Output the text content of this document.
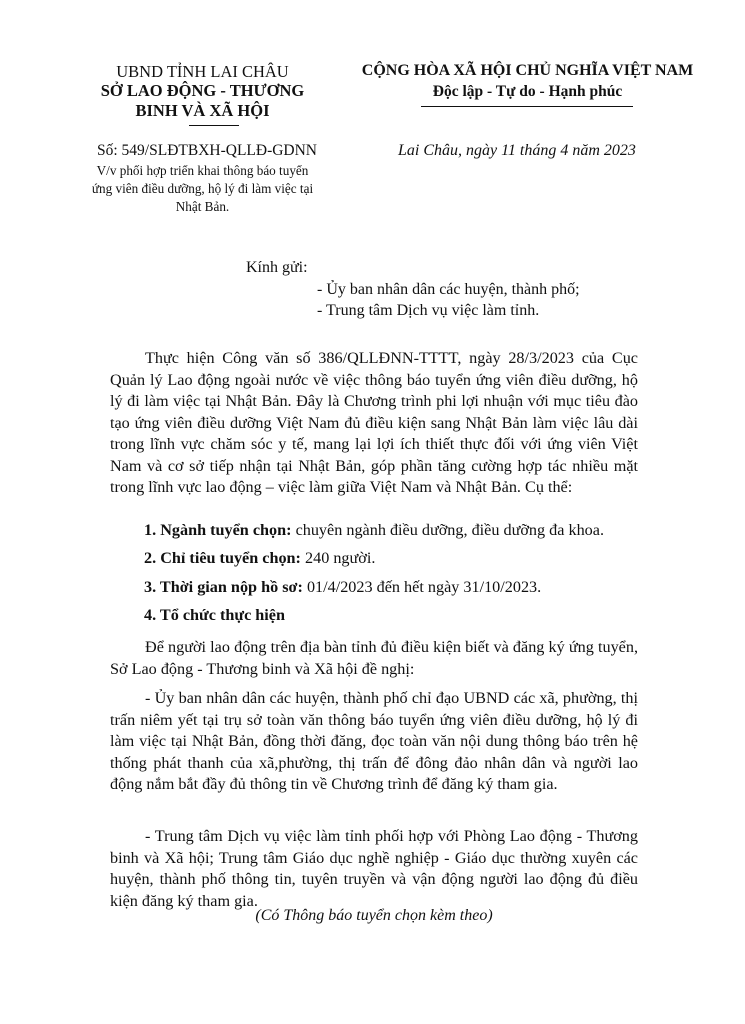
UBND TỈNH LAI CHÂU
SỞ LAO ĐỘNG - THƯƠNG
BINH VÀ XÃ HỘI
CỘNG HÒA XÃ HỘI CHỦ NGHĨA VIỆT NAM
Độc lập - Tự do - Hạnh phúc
Số: 549/SLĐTBXH-QLLĐ-GDNN
V/v phối hợp triển khai thông báo tuyển
ứng viên điều dưỡng, hộ lý đi làm việc tại
Nhật Bản.
Lai Châu, ngày 11 tháng 4 năm 2023
Kính gửi:
- Ủy ban nhân dân các huyện, thành phố;
- Trung tâm Dịch vụ việc làm tỉnh.
Thực hiện Công văn số 386/QLLĐNN-TTTT, ngày 28/3/2023 của Cục Quản lý Lao động ngoài nước về việc thông báo tuyển ứng viên điều dưỡng, hộ lý đi làm việc tại Nhật Bản. Đây là Chương trình phi lợi nhuận với mục tiêu đào tạo ứng viên điều dưỡng Việt Nam đủ điều kiện sang Nhật Bản làm việc lâu dài trong lĩnh vực chăm sóc y tế, mang lại lợi ích thiết thực đối với ứng viên Việt Nam và cơ sở tiếp nhận tại Nhật Bản, góp phần tăng cường hợp tác nhiều mặt trong lĩnh vực lao động – việc làm giữa Việt Nam và Nhật Bản. Cụ thể:
1. Ngành tuyển chọn: chuyên ngành điều dưỡng, điều dưỡng đa khoa.
2. Chỉ tiêu tuyển chọn: 240 người.
3. Thời gian nộp hồ sơ: 01/4/2023 đến hết ngày 31/10/2023.
4. Tổ chức thực hiện
Để người lao động trên địa bàn tỉnh đủ điều kiện biết và đăng ký ứng tuyển, Sở Lao động - Thương binh và Xã hội đề nghị:
- Ủy ban nhân dân các huyện, thành phố chỉ đạo UBND các xã, phường, thị trấn niêm yết tại trụ sở toàn văn thông báo tuyển ứng viên điều dưỡng, hộ lý đi làm việc tại Nhật Bản, đồng thời đăng, đọc toàn văn nội dung thông báo trên hệ thống phát thanh của xã,phường, thị trấn để đông đảo nhân dân và người lao động nắm bắt đầy đủ thông tin về Chương trình để đăng ký tham gia.
- Trung tâm Dịch vụ việc làm tỉnh phối hợp với Phòng Lao động - Thương binh và Xã hội; Trung tâm Giáo dục nghề nghiệp - Giáo dục thường xuyên các huyện, thành phố thông tin, tuyên truyền và vận động người lao động đủ điều kiện đăng ký tham gia.
(Có Thông báo tuyển chọn kèm theo)
